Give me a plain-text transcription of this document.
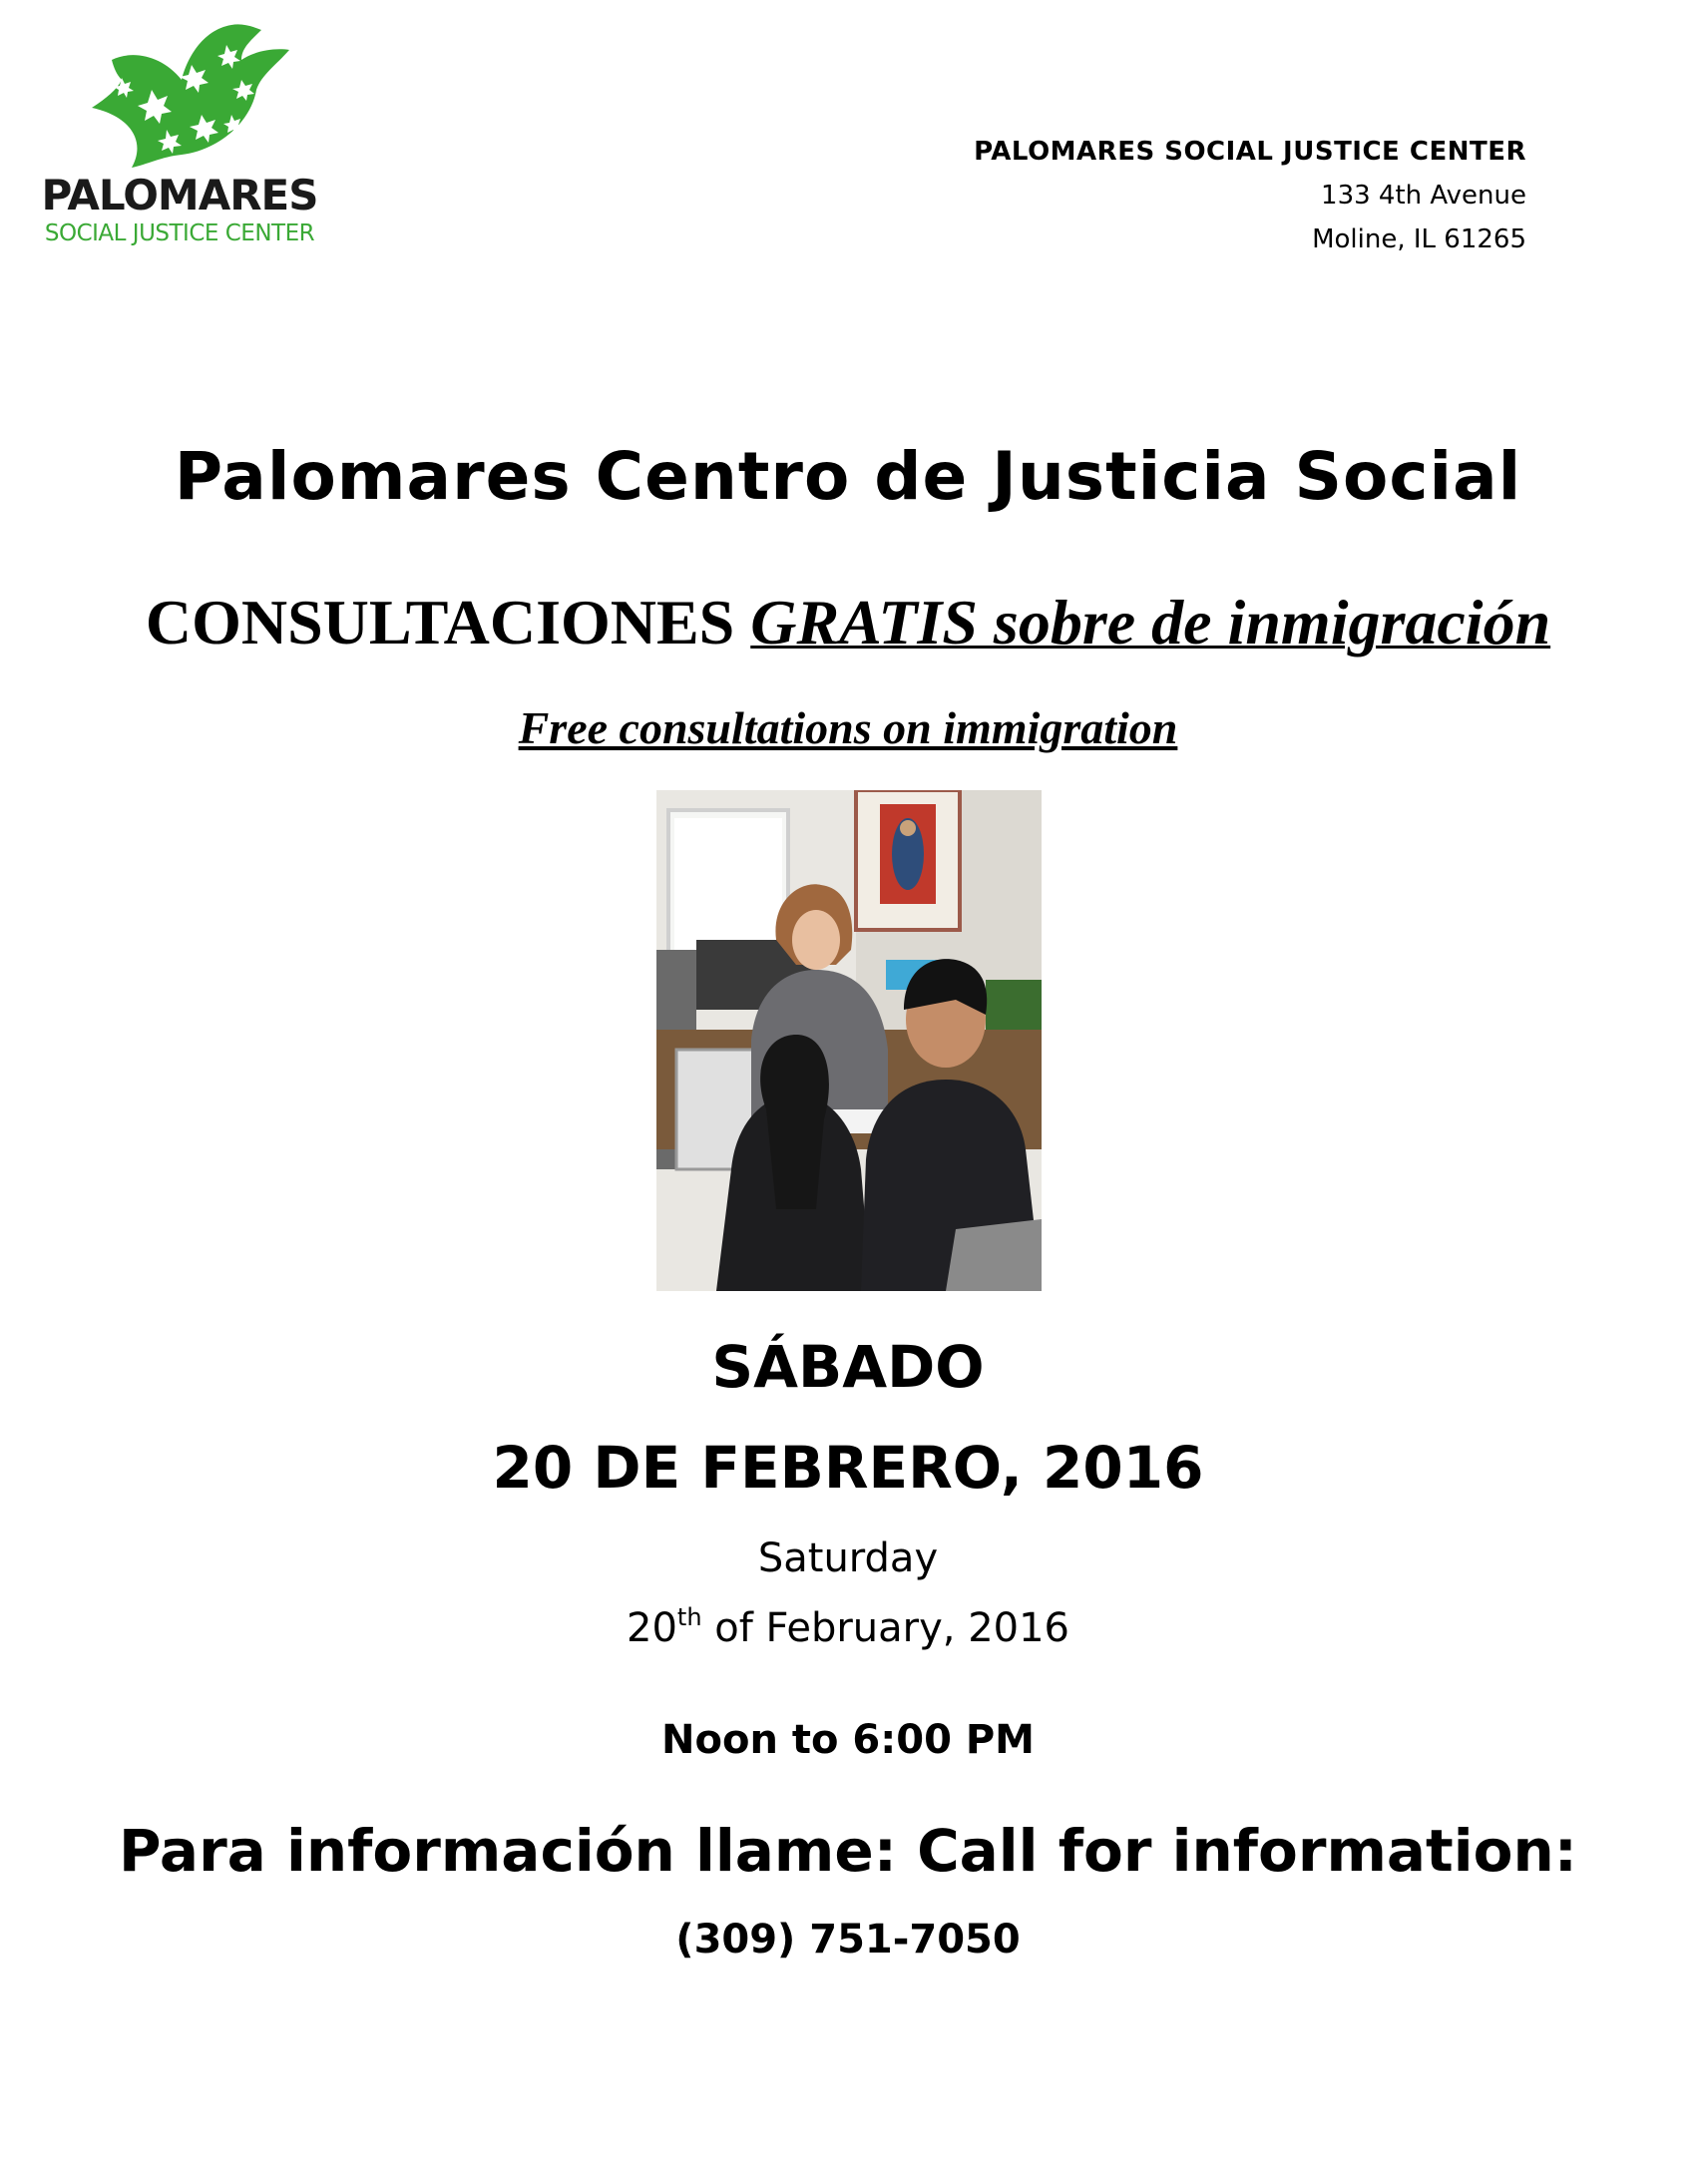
PALOMARES
SOCIAL JUSTICE CENTER
PALOMARES SOCIAL JUSTICE CENTER
133 4th Avenue
Moline, IL 61265
Palomares Centro de Justicia Social
CONSULTACIONES GRATIS sobre de inmigración
Free consultations on immigration
SÁBADO
20 DE FEBRERO, 2016
Saturday
20th of February, 2016
Noon to 6:00 PM
Para información llame: Call for information:
(309) 751-7050
